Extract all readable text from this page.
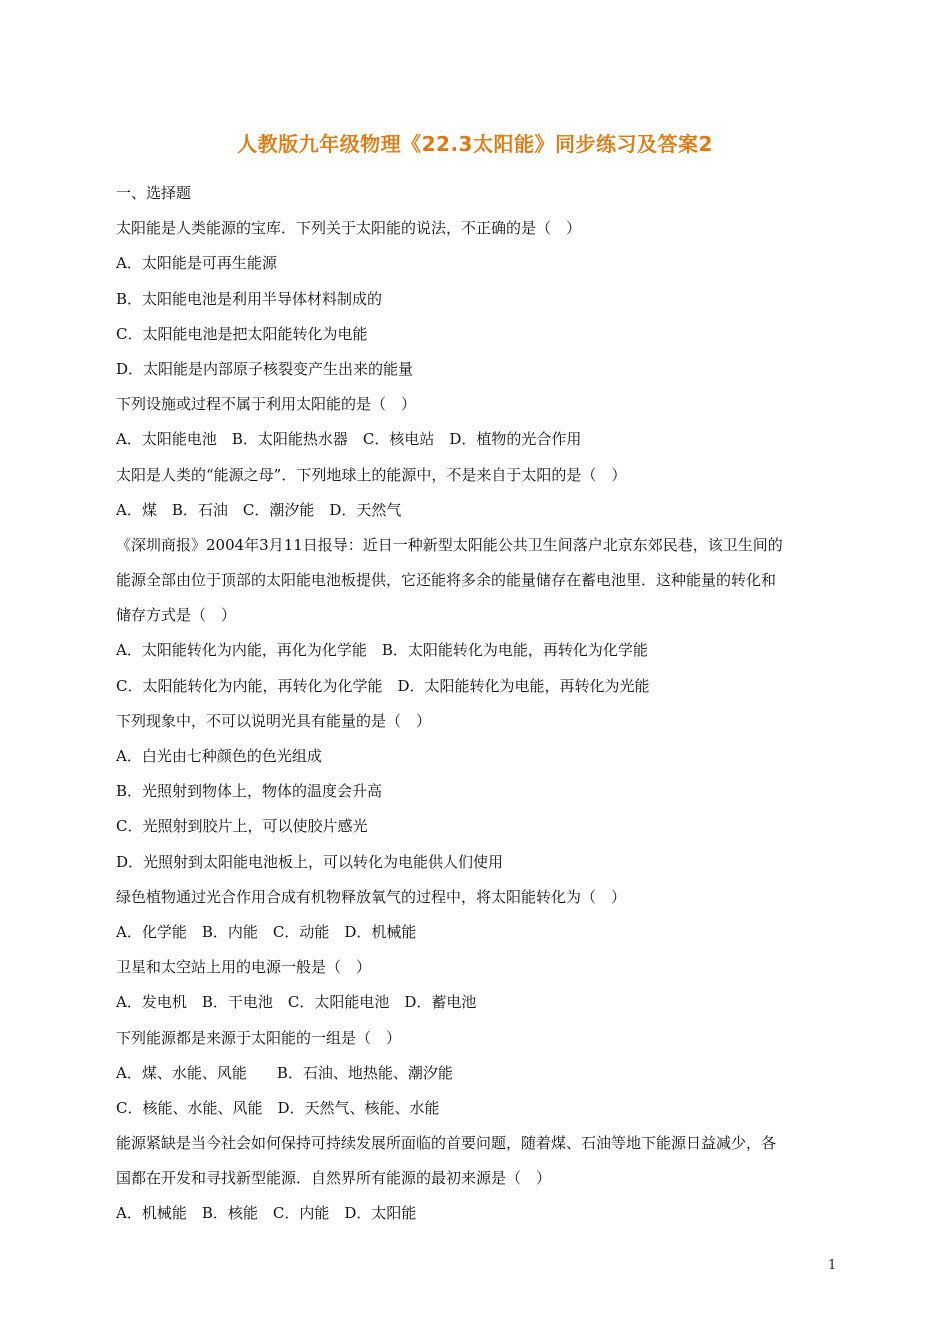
人教版九年级物理《22.3太阳能》同步练习及答案2
一、选择题
太阳能是人类能源的宝库．下列关于太阳能的说法，不正确的是（　）
A．太阳能是可再生能源
B．太阳能电池是利用半导体材料制成的
C．太阳能电池是把太阳能转化为电能
D．太阳能是内部原子核裂变产生出来的能量
下列设施或过程不属于利用太阳能的是（　）
A．太阳能电池　B．太阳能热水器　C．核电站　D．植物的光合作用
太阳是人类的“能源之母”．下列地球上的能源中，不是来自于太阳的是（　）
A．煤　B．石油　C．潮汐能　D．天然气
《深圳商报》2004年3月11日报导：近日一种新型太阳能公共卫生间落户北京东郊民巷，该卫生间的
能源全部由位于顶部的太阳能电池板提供，它还能将多余的能量储存在蓄电池里．这种能量的转化和
储存方式是（　）
A．太阳能转化为内能，再化为化学能　B．太阳能转化为电能，再转化为化学能
C．太阳能转化为内能，再转化为化学能　D．太阳能转化为电能，再转化为光能
下列现象中，不可以说明光具有能量的是（　）
A．白光由七种颜色的色光组成
B．光照射到物体上，物体的温度会升高
C．光照射到胶片上，可以使胶片感光
D．光照射到太阳能电池板上，可以转化为电能供人们使用
绿色植物通过光合作用合成有机物释放氧气的过程中，将太阳能转化为（　）
A．化学能　B．内能　C．动能　D．机械能
卫星和太空站上用的电源一般是（　）
A．发电机　B．干电池　C．太阳能电池　D．蓄电池
下列能源都是来源于太阳能的一组是（　）
A．煤、水能、风能　　B．石油、地热能、潮汐能
C．核能、水能、风能　D．天然气、核能、水能
能源紧缺是当今社会如何保持可持续发展所面临的首要问题，随着煤、石油等地下能源日益减少，各
国都在开发和寻找新型能源．自然界所有能源的最初来源是（　）
A．机械能　B．核能　C．内能　D．太阳能
1
